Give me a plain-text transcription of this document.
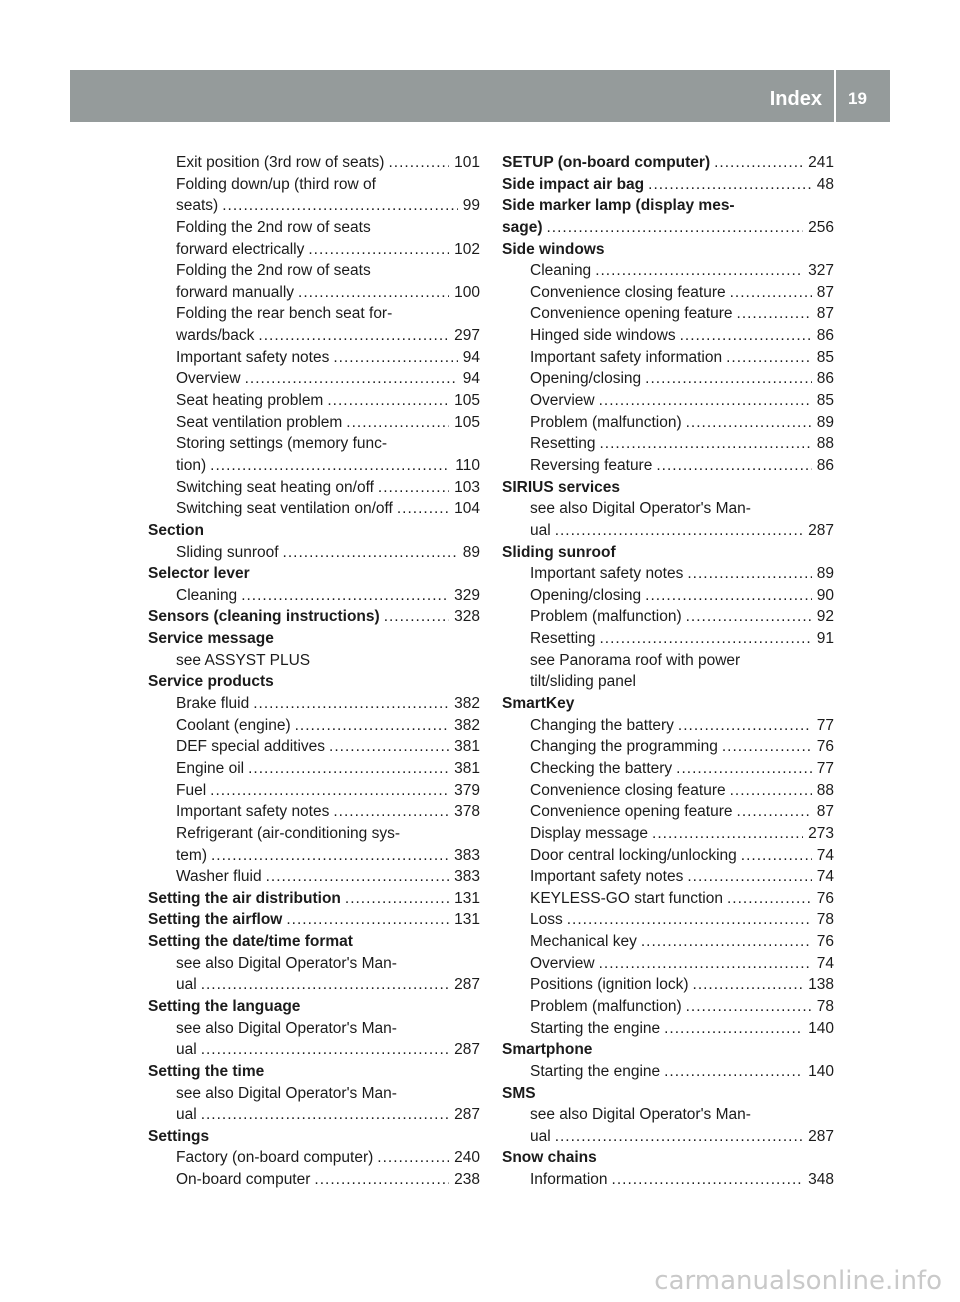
Index 19
Exit position (3rd row of seats) .....	101
Folding down/up (third row of
seats) .....	99
Folding the 2nd row of seats
forward electrically .....	102
Folding the 2nd row of seats
forward manually .....	100
Folding the rear bench seat for-
wards/back .....	297
Important safety notes .....	94
Overview .....	94
Seat heating problem .....	105
Seat ventilation problem .....	105
Storing settings (memory func-
tion) .....	110
Switching seat heating on/off .....	103
Switching seat ventilation on/off .....	104
Section
Sliding sunroof .....	89
Selector lever
Cleaning .....	329
Sensors (cleaning instructions) .....	328
Service message
see ASSYST PLUS
Service products
Brake fluid .....	382
Coolant (engine) .....	382
DEF special additives .....	381
Engine oil .....	381
Fuel .....	379
Important safety notes .....	378
Refrigerant (air-conditioning sys-
tem) .....	383
Washer fluid .....	383
Setting the air distribution .....	131
Setting the airflow .....	131
Setting the date/time format
see also Digital Operator's Man-
ual .....	287
Setting the language
see also Digital Operator's Man-
ual .....	287
Setting the time
see also Digital Operator's Man-
ual .....	287
Settings
Factory (on-board computer) .....	240
On-board computer .....	238
SETUP (on-board computer) .....	241
Side impact air bag .....	48
Side marker lamp (display mes-
sage) .....	256
Side windows
Cleaning .....	327
Convenience closing feature .....	87
Convenience opening feature .....	87
Hinged side windows .....	86
Important safety information .....	85
Opening/closing .....	86
Overview .....	85
Problem (malfunction) .....	89
Resetting .....	88
Reversing feature .....	86
SIRIUS services
see also Digital Operator's Man-
ual .....	287
Sliding sunroof
Important safety notes .....	89
Opening/closing .....	90
Problem (malfunction) .....	92
Resetting .....	91
see Panorama roof with power
tilt/sliding panel
SmartKey
Changing the battery .....	77
Changing the programming .....	76
Checking the battery .....	77
Convenience closing feature .....	88
Convenience opening feature .....	87
Display message .....	273
Door central locking/unlocking .....	74
Important safety notes .....	74
KEYLESS-GO start function .....	76
Loss .....	78
Mechanical key .....	76
Overview .....	74
Positions (ignition lock) .....	138
Problem (malfunction) .....	78
Starting the engine .....	140
Smartphone
Starting the engine .....	140
SMS
see also Digital Operator's Man-
ual .....	287
Snow chains
Information .....	348
carmanualsonline.info
